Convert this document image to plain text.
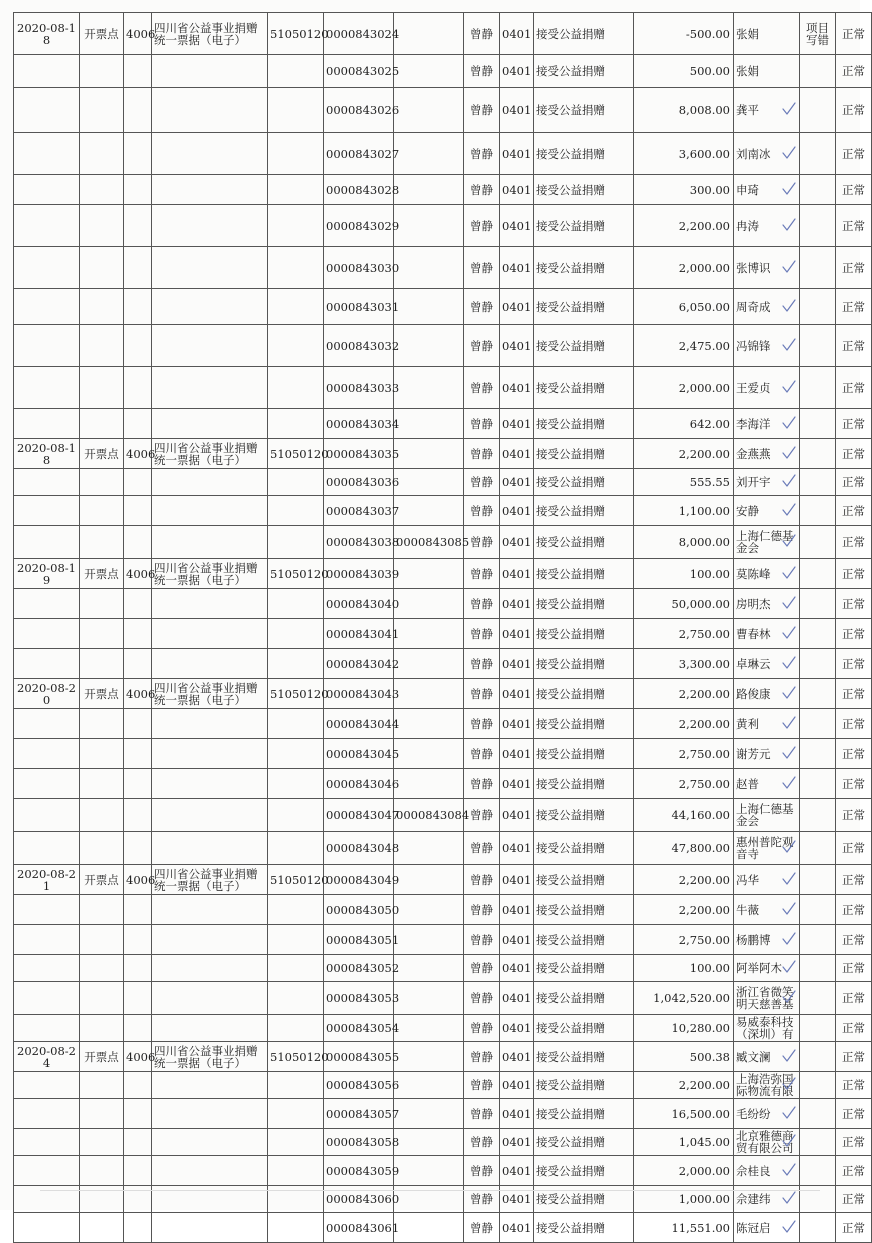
2020-08-18	开票点	4006	四川省公益事业捐赠统一票据（电子）	51050120	0000843024		曾静	0401	接受公益捐赠	-500.00	张娟	项目写错	正常
					0000843025		曾静	0401	接受公益捐赠	500.00	张娟		正常
					0000843026		曾静	0401	接受公益捐赠	8,008.00	龚平		正常
					0000843027		曾静	0401	接受公益捐赠	3,600.00	刘南冰		正常
					0000843028		曾静	0401	接受公益捐赠	300.00	申琦		正常
					0000843029		曾静	0401	接受公益捐赠	2,200.00	冉涛		正常
					0000843030		曾静	0401	接受公益捐赠	2,000.00	张博识		正常
					0000843031		曾静	0401	接受公益捐赠	6,050.00	周奇成		正常
					0000843032		曾静	0401	接受公益捐赠	2,475.00	冯锦锋		正常
					0000843033		曾静	0401	接受公益捐赠	2,000.00	王爱贞		正常
					0000843034		曾静	0401	接受公益捐赠	642.00	李海洋		正常
2020-08-18	开票点	4006	四川省公益事业捐赠统一票据（电子）	51050120	0000843035		曾静	0401	接受公益捐赠	2,200.00	金燕燕		正常
					0000843036		曾静	0401	接受公益捐赠	555.55	刘开宇		正常
					0000843037		曾静	0401	接受公益捐赠	1,100.00	安静		正常
					0000843038	0000843085	曾静	0401	接受公益捐赠	8,000.00	上海仁德基金会		正常
2020-08-19	开票点	4006	四川省公益事业捐赠统一票据（电子）	51050120	0000843039		曾静	0401	接受公益捐赠	100.00	莫陈峰		正常
					0000843040		曾静	0401	接受公益捐赠	50,000.00	房明杰		正常
					0000843041		曾静	0401	接受公益捐赠	2,750.00	曹春林		正常
					0000843042		曾静	0401	接受公益捐赠	3,300.00	卓琳云		正常
2020-08-20	开票点	4006	四川省公益事业捐赠统一票据（电子）	51050120	0000843043		曾静	0401	接受公益捐赠	2,200.00	路俊康		正常
					0000843044		曾静	0401	接受公益捐赠	2,200.00	黄利		正常
					0000843045		曾静	0401	接受公益捐赠	2,750.00	谢芳元		正常
					0000843046		曾静	0401	接受公益捐赠	2,750.00	赵普		正常
					0000843047	0000843084	曾静	0401	接受公益捐赠	44,160.00	上海仁德基金会		正常
					0000843048		曾静	0401	接受公益捐赠	47,800.00	惠州普陀观音寺		正常
2020-08-21	开票点	4006	四川省公益事业捐赠统一票据（电子）	51050120	0000843049		曾静	0401	接受公益捐赠	2,200.00	冯华		正常
					0000843050		曾静	0401	接受公益捐赠	2,200.00	牛薇		正常
					0000843051		曾静	0401	接受公益捐赠	2,750.00	杨鹏博		正常
					0000843052		曾静	0401	接受公益捐赠	100.00	阿举阿木		正常
					0000843053		曾静	0401	接受公益捐赠	1,042,520.00	浙江省微笑明天慈善基		正常
					0000843054		曾静	0401	接受公益捐赠	10,280.00	易威泰科技（深圳）有		正常
2020-08-24	开票点	4006	四川省公益事业捐赠统一票据（电子）	51050120	0000843055		曾静	0401	接受公益捐赠	500.38	臧文澜		正常
					0000843056		曾静	0401	接受公益捐赠	2,200.00	上海浩弥国际物流有限		正常
					0000843057		曾静	0401	接受公益捐赠	16,500.00	毛纷纷		正常
					0000843058		曾静	0401	接受公益捐赠	1,045.00	北京雅德商贸有限公司		正常
					0000843059		曾静	0401	接受公益捐赠	2,000.00	佘桂良		正常
					0000843060		曾静	0401	接受公益捐赠	1,000.00	佘建纬		正常
					0000843061		曾静	0401	接受公益捐赠	11,551.00	陈冠启		正常
